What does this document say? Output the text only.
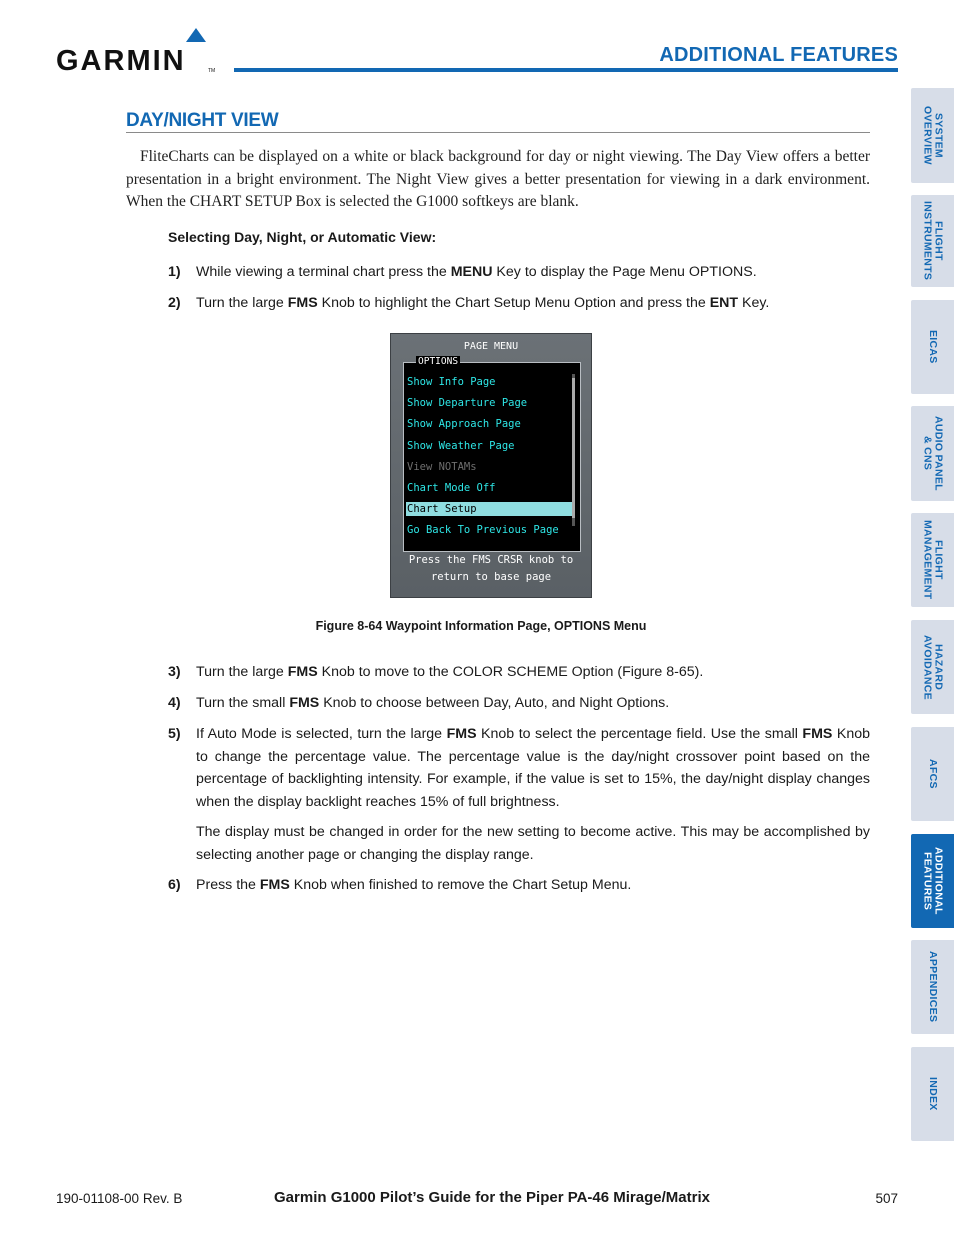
GARMIN	TM
ADDITIONAL FEATURES
SYSTEM
OVERVIEW
FLIGHT
INSTRUMENTS
EICAS
AUDIO PANEL
& CNS
FLIGHT
MANAGEMENT
HAZARD
AVOIDANCE
AFCS
ADDITIONAL
FEATURES
APPENDICES
INDEX
DAY/NIGHT VIEW

FliteCharts can be displayed on a white or black background for day or night viewing. The Day View offers a better presentation in a bright environment. The Night View gives a better presentation for viewing in a dark environment. When the CHART SETUP Box is selected the G1000 softkeys are blank.

Selecting Day, Night, or Automatic View:
1)	While viewing a terminal chart press the MENU Key to display the Page Menu OPTIONS.
2)	Turn the large FMS Knob to highlight the Chart Setup Menu Option and press the ENT Key.
PAGE MENU
OPTIONS
Show Info Page
Show Departure Page
Show Approach Page
Show Weather Page
View NOTAMs
Chart Mode Off
Chart Setup
Go Back To Previous Page
Press the FMS CRSR knob to
return to base page
Figure 8-64 Waypoint Information Page, OPTIONS Menu
3)	Turn the large FMS Knob to move to the COLOR SCHEME Option (Figure 8-65).
4)	Turn the small FMS Knob to choose between Day, Auto, and Night Options.
5)	If Auto Mode is selected, turn the large FMS Knob to select the percentage field. Use the small FMS Knob to change the percentage value. The percentage value is the day/night crossover point based on the percentage of backlighting intensity. For example, if the value is set to 15%, the day/night display changes when the display backlight reaches 15% of full brightness.

The display must be changed in order for the new setting to become active. This may be accomplished by selecting another page or changing the display range.

6)	Press the FMS Knob when finished to remove the Chart Setup Menu.
190-01108-00 Rev. B	Garmin G1000 Pilot’s Guide for the Piper PA-46 Mirage/Matrix	507
